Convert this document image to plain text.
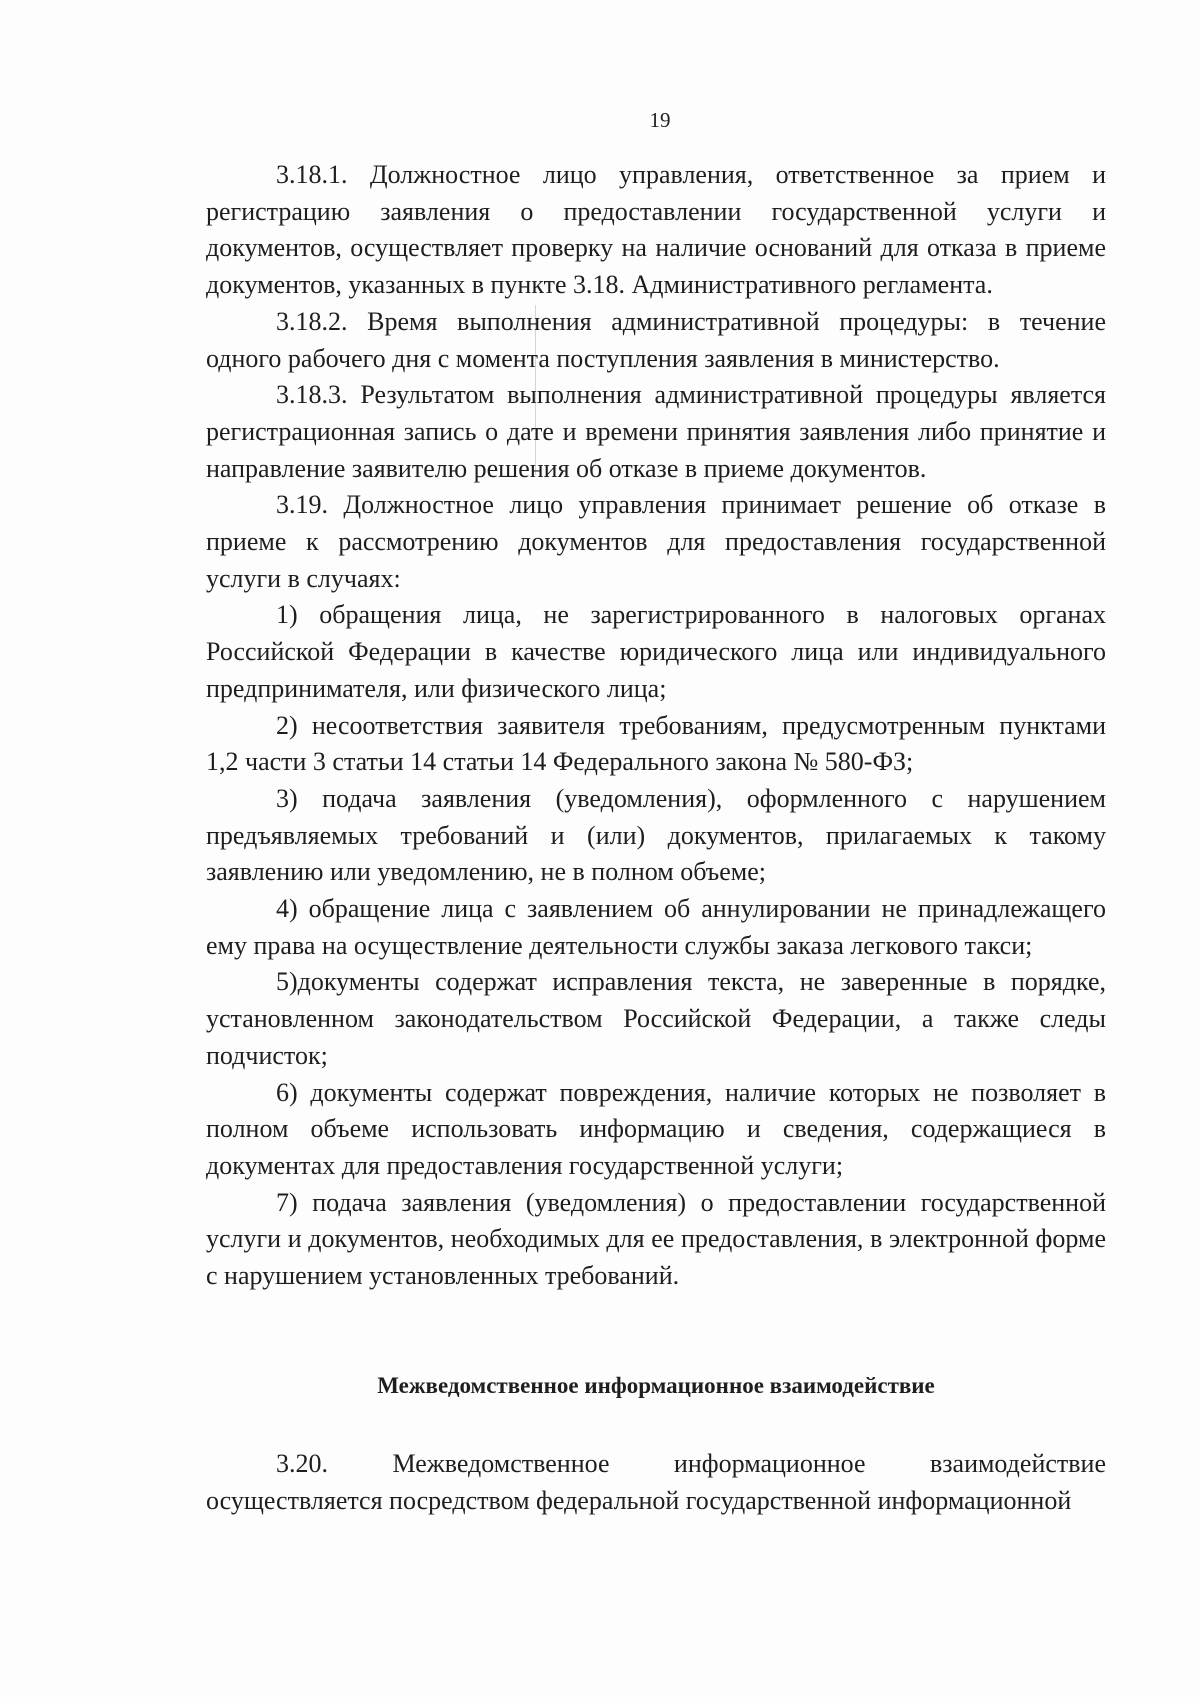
19

3.18.1. Должностное лицо управления, ответственное за прием и регистрацию заявления о предоставлении государственной услуги и документов, осуществляет проверку на наличие оснований для отказа в приеме документов, указанных в пункте 3.18. Административного регламента.

3.18.2. Время выполнения административной процедуры: в течение одного рабочего дня с момента поступления заявления в министерство.

3.18.3. Результатом выполнения административной процедуры является регистрационная запись о дате и времени принятия заявления либо принятие и направление заявителю решения об отказе в приеме документов.

3.19. Должностное лицо управления принимает решение об отказе в приеме к рассмотрению документов для предоставления государственной услуги в случаях:

1) обращения лица, не зарегистрированного в налоговых органах Российской Федерации в качестве юридического лица или индивидуального предпринимателя, или физического лица;

2) несоответствия заявителя требованиям, предусмотренным пунктами 1,2 части 3 статьи 14 статьи 14 Федерального закона № 580-ФЗ;

3) подача заявления (уведомления), оформленного с нарушением предъявляемых требований и (или) документов, прилагаемых к такому заявлению или уведомлению, не в полном объеме;

4) обращение лица с заявлением об аннулировании не принадлежащего ему права на осуществление деятельности службы заказа легкового такси;

5)документы содержат исправления текста, не заверенные в порядке, установленном законодательством Российской Федерации, а также следы подчисток;

6) документы содержат повреждения, наличие которых не позволяет в полном объеме использовать информацию и сведения, содержащиеся в документах для предоставления государственной услуги;

7) подача заявления (уведомления) о предоставлении государственной услуги и документов, необходимых для ее предоставления, в электронной форме с нарушением установленных требований.

Межведомственное информационное взаимодействие

3.20. Межведомственное информационное взаимодействие осуществляется посредством федеральной государственной информационной
